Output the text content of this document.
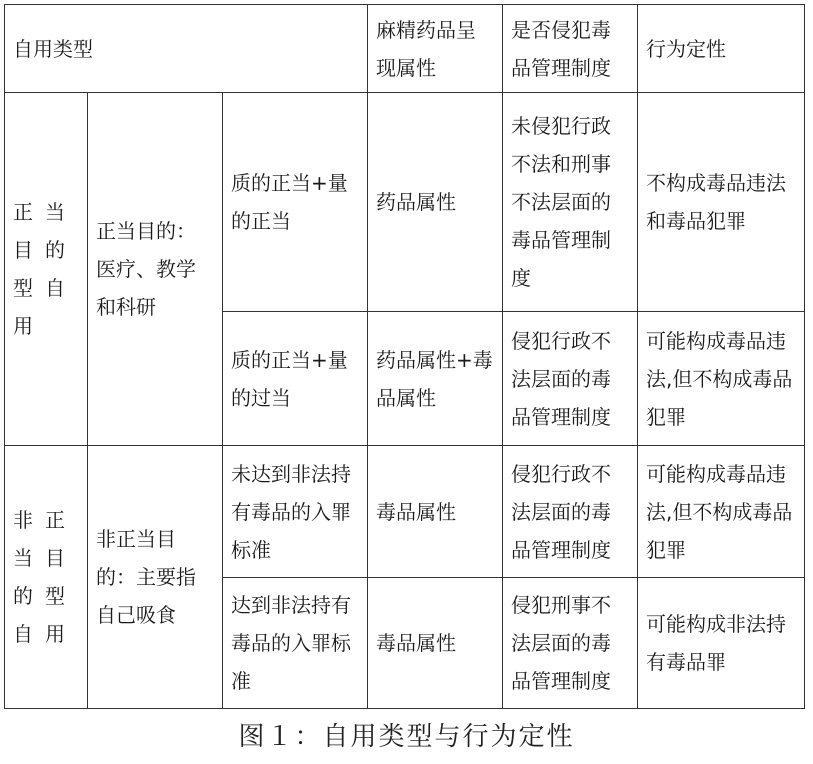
自用类型			麻精药品呈现属性	是否侵犯毒品管理制度	行为定性
正当目的型自用	正当目的：医疗、教学和科研	质的正当+量的正当	药品属性	未侵犯行政不法和刑事不法层面的毒品管理制度	不构成毒品违法和毒品犯罪
		质的正当+量的过当	药品属性+毒品属性	侵犯行政不法层面的毒品管理制度	可能构成毒品违法,但不构成毒品犯罪
非正当目的型自用	非正当目的：主要指自己吸食	未达到非法持有毒品的入罪标准	毒品属性	侵犯行政不法层面的毒品管理制度	可能构成毒品违法,但不构成毒品犯罪
		达到非法持有毒品的入罪标准	毒品属性	侵犯刑事不法层面的毒品管理制度	可能构成非法持有毒品罪
图１：自用类型与行为定性
